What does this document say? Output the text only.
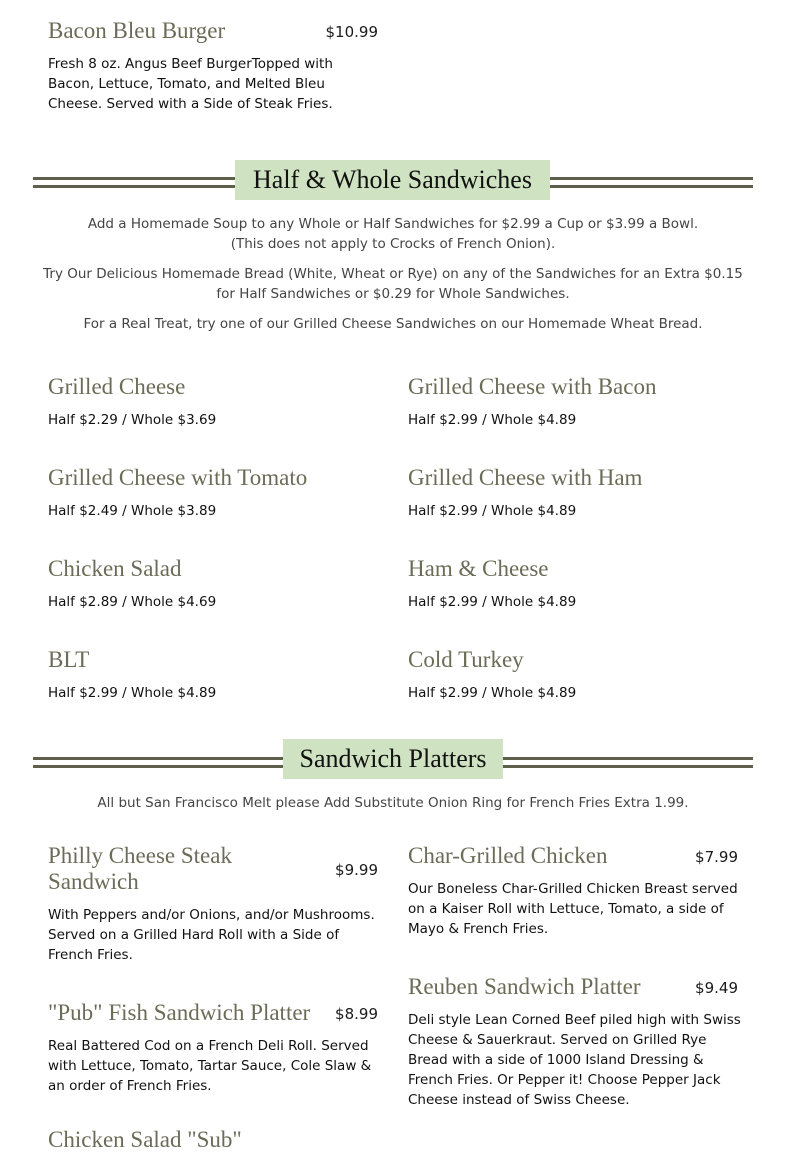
Bacon Bleu Burger	$10.99
Fresh 8 oz. Angus Beef BurgerTopped with Bacon, Lettuce, Tomato, and Melted Bleu Cheese. Served with a Side of Steak Fries.
Half & Whole Sandwiches
Add a Homemade Soup to any Whole or Half Sandwiches for $2.99 a Cup or $3.99 a Bowl.
(This does not apply to Crocks of French Onion).
Try Our Delicious Homemade Bread (White, Wheat or Rye) on any of the Sandwiches for an Extra $0.15 for Half Sandwiches or $0.29 for Whole Sandwiches.
For a Real Treat, try one of our Grilled Cheese Sandwiches on our Homemade Wheat Bread.
Grilled Cheese
Half $2.29 / Whole $3.69
Grilled Cheese with Bacon
Half $2.99 / Whole $4.89
Grilled Cheese with Tomato
Half $2.49 / Whole $3.89
Grilled Cheese with Ham
Half $2.99 / Whole $4.89
Chicken Salad
Half $2.89 / Whole $4.69
Ham & Cheese
Half $2.99 / Whole $4.89
BLT
Half $2.99 / Whole $4.89
Cold Turkey
Half $2.99 / Whole $4.89
Sandwich Platters
All but San Francisco Melt please Add Substitute Onion Ring for French Fries Extra 1.99.
Philly Cheese Steak Sandwich	$9.99
With Peppers and/or Onions, and/or Mushrooms. Served on a Grilled Hard Roll with a Side of French Fries.
Char-Grilled Chicken	$7.99
Our Boneless Char-Grilled Chicken Breast served on a Kaiser Roll with Lettuce, Tomato, a side of Mayo & French Fries.
"Pub" Fish Sandwich Platter	$8.99
Real Battered Cod on a French Deli Roll. Served with Lettuce, Tomato, Tartar Sauce, Cole Slaw & an order of French Fries.
Reuben Sandwich Platter	$9.49
Deli style Lean Corned Beef piled high with Swiss Cheese & Sauerkraut. Served on Grilled Rye Bread with a side of 1000 Island Dressing & French Fries. Or Pepper it! Choose Pepper Jack Cheese instead of Swiss Cheese.
Chicken Salad "Sub"
